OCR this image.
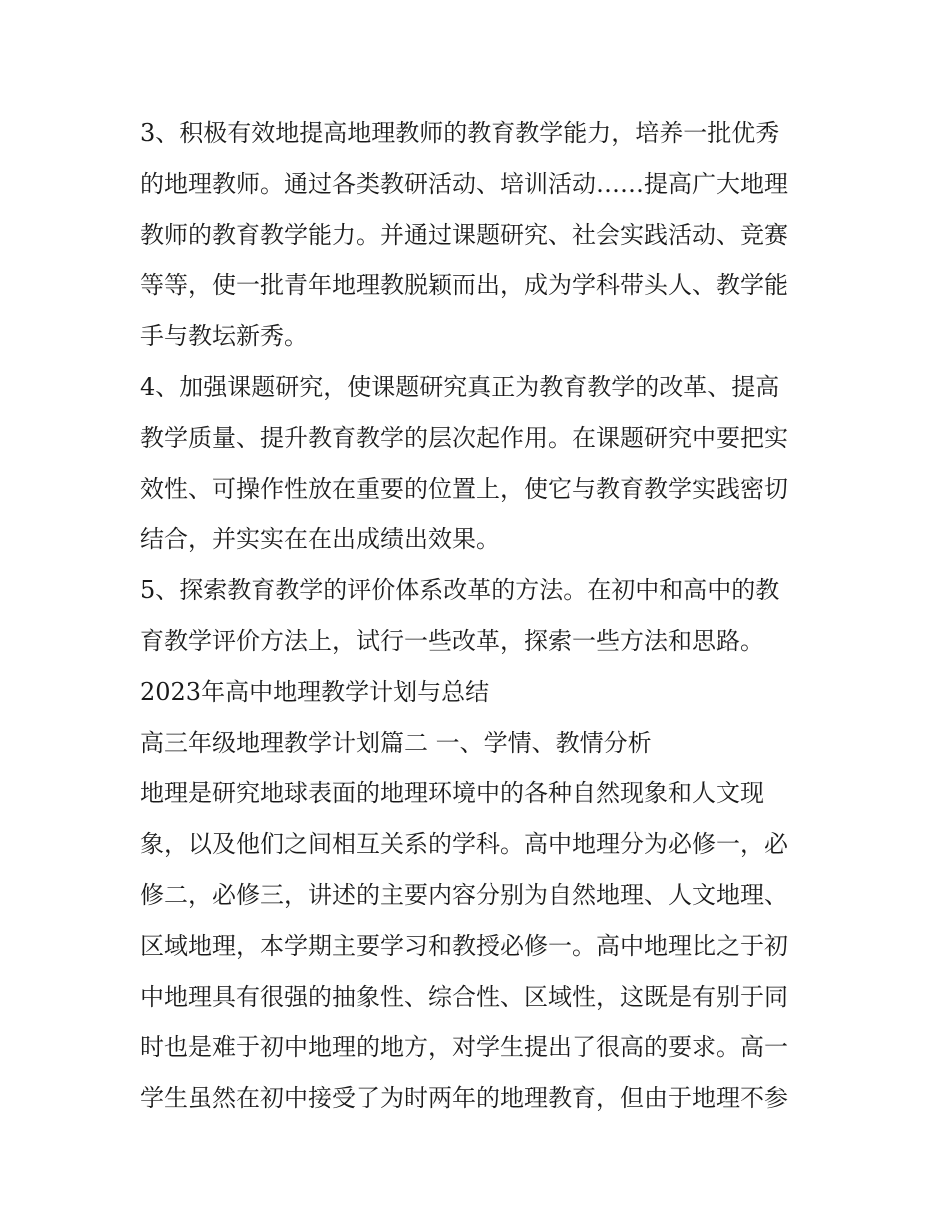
3、积极有效地提高地理教师的教育教学能力，培养一批优秀
的地理教师。通过各类教研活动、培训活动……提高广大地理
教师的教育教学能力。并通过课题研究、社会实践活动、竞赛
等等，使一批青年地理教脱颖而出，成为学科带头人、教学能
手与教坛新秀。
4、加强课题研究，使课题研究真正为教育教学的改革、提高
教学质量、提升教育教学的层次起作用。在课题研究中要把实
效性、可操作性放在重要的位置上，使它与教育教学实践密切
结合，并实实在在出成绩出效果。
5、探索教育教学的评价体系改革的方法。在初中和高中的教
育教学评价方法上，试行一些改革，探索一些方法和思路。
2023年高中地理教学计划与总结
高三年级地理教学计划篇二 一、学情、教情分析
地理是研究地球表面的地理环境中的各种自然现象和人文现
象，以及他们之间相互关系的学科。高中地理分为必修一，必
修二，必修三，讲述的主要内容分别为自然地理、人文地理、
区域地理，本学期主要学习和教授必修一。高中地理比之于初
中地理具有很强的抽象性、综合性、区域性，这既是有别于同
时也是难于初中地理的地方，对学生提出了很高的要求。高一
学生虽然在初中接受了为时两年的地理教育，但由于地理不参
